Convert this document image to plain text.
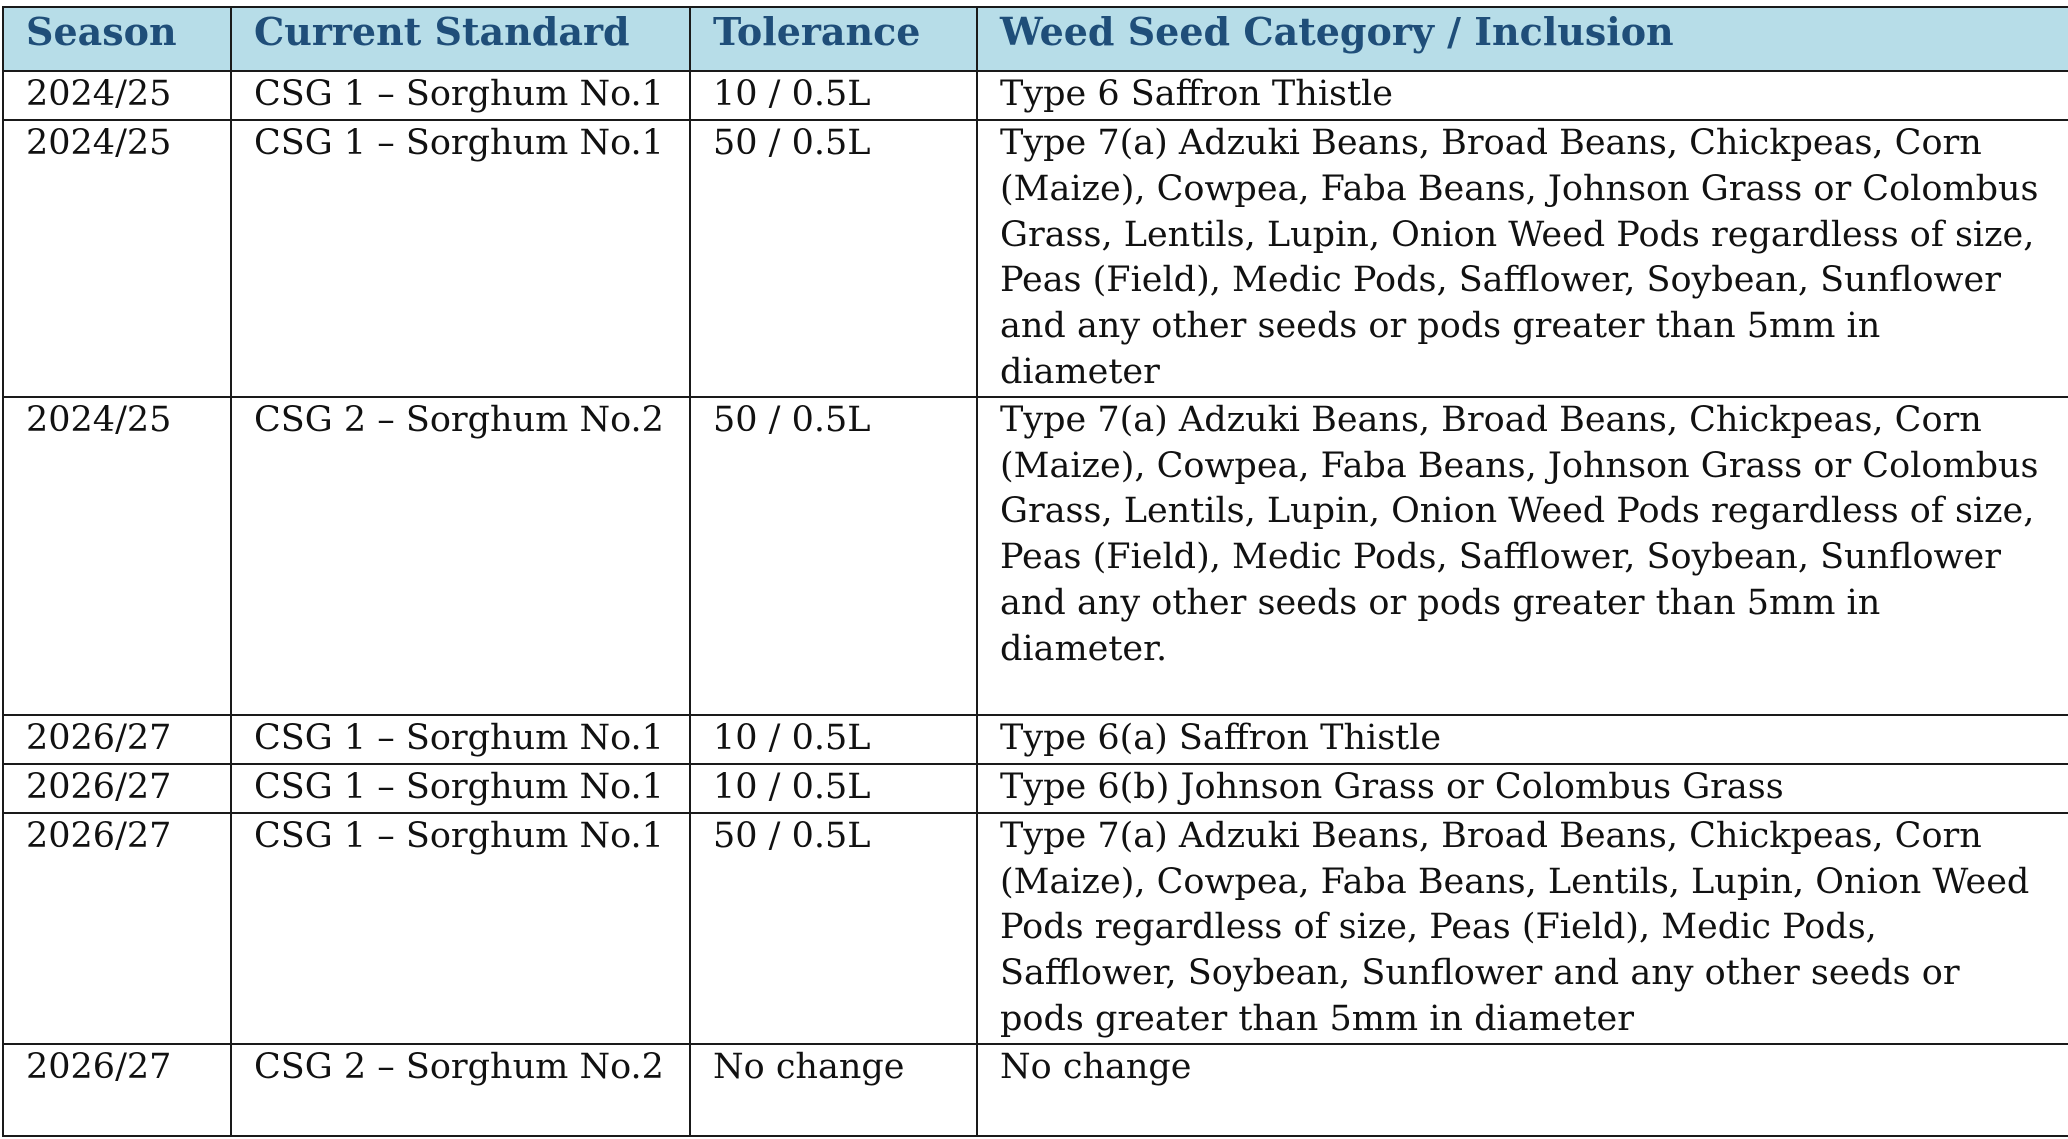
Season	Current Standard	Tolerance	Weed Seed Category / Inclusion
2024/25	CSG 1 – Sorghum No.1	10 / 0.5L	Type 6 Saffron Thistle
2024/25	CSG 1 – Sorghum No.1	50 / 0.5L	Type 7(a) Adzuki Beans, Broad Beans, Chickpeas, Corn (Maize), Cowpea, Faba Beans, Johnson Grass or Colombus Grass, Lentils, Lupin, Onion Weed Pods regardless of size, Peas (Field), Medic Pods, Safflower, Soybean, Sunflower and any other seeds or pods greater than 5mm in diameter
2024/25	CSG 2 – Sorghum No.2	50 / 0.5L	Type 7(a) Adzuki Beans, Broad Beans, Chickpeas, Corn (Maize), Cowpea, Faba Beans, Johnson Grass or Colombus Grass, Lentils, Lupin, Onion Weed Pods regardless of size, Peas (Field), Medic Pods, Safflower, Soybean, Sunflower and any other seeds or pods greater than 5mm in diameter.
2026/27	CSG 1 – Sorghum No.1	10 / 0.5L	Type 6(a) Saffron Thistle
2026/27	CSG 1 – Sorghum No.1	10 / 0.5L	Type 6(b) Johnson Grass or Colombus Grass
2026/27	CSG 1 – Sorghum No.1	50 / 0.5L	Type 7(a) Adzuki Beans, Broad Beans, Chickpeas, Corn (Maize), Cowpea, Faba Beans, Lentils, Lupin, Onion Weed Pods regardless of size, Peas (Field), Medic Pods, Safflower, Soybean, Sunflower and any other seeds or pods greater than 5mm in diameter
2026/27	CSG 2 – Sorghum No.2	No change	No change
